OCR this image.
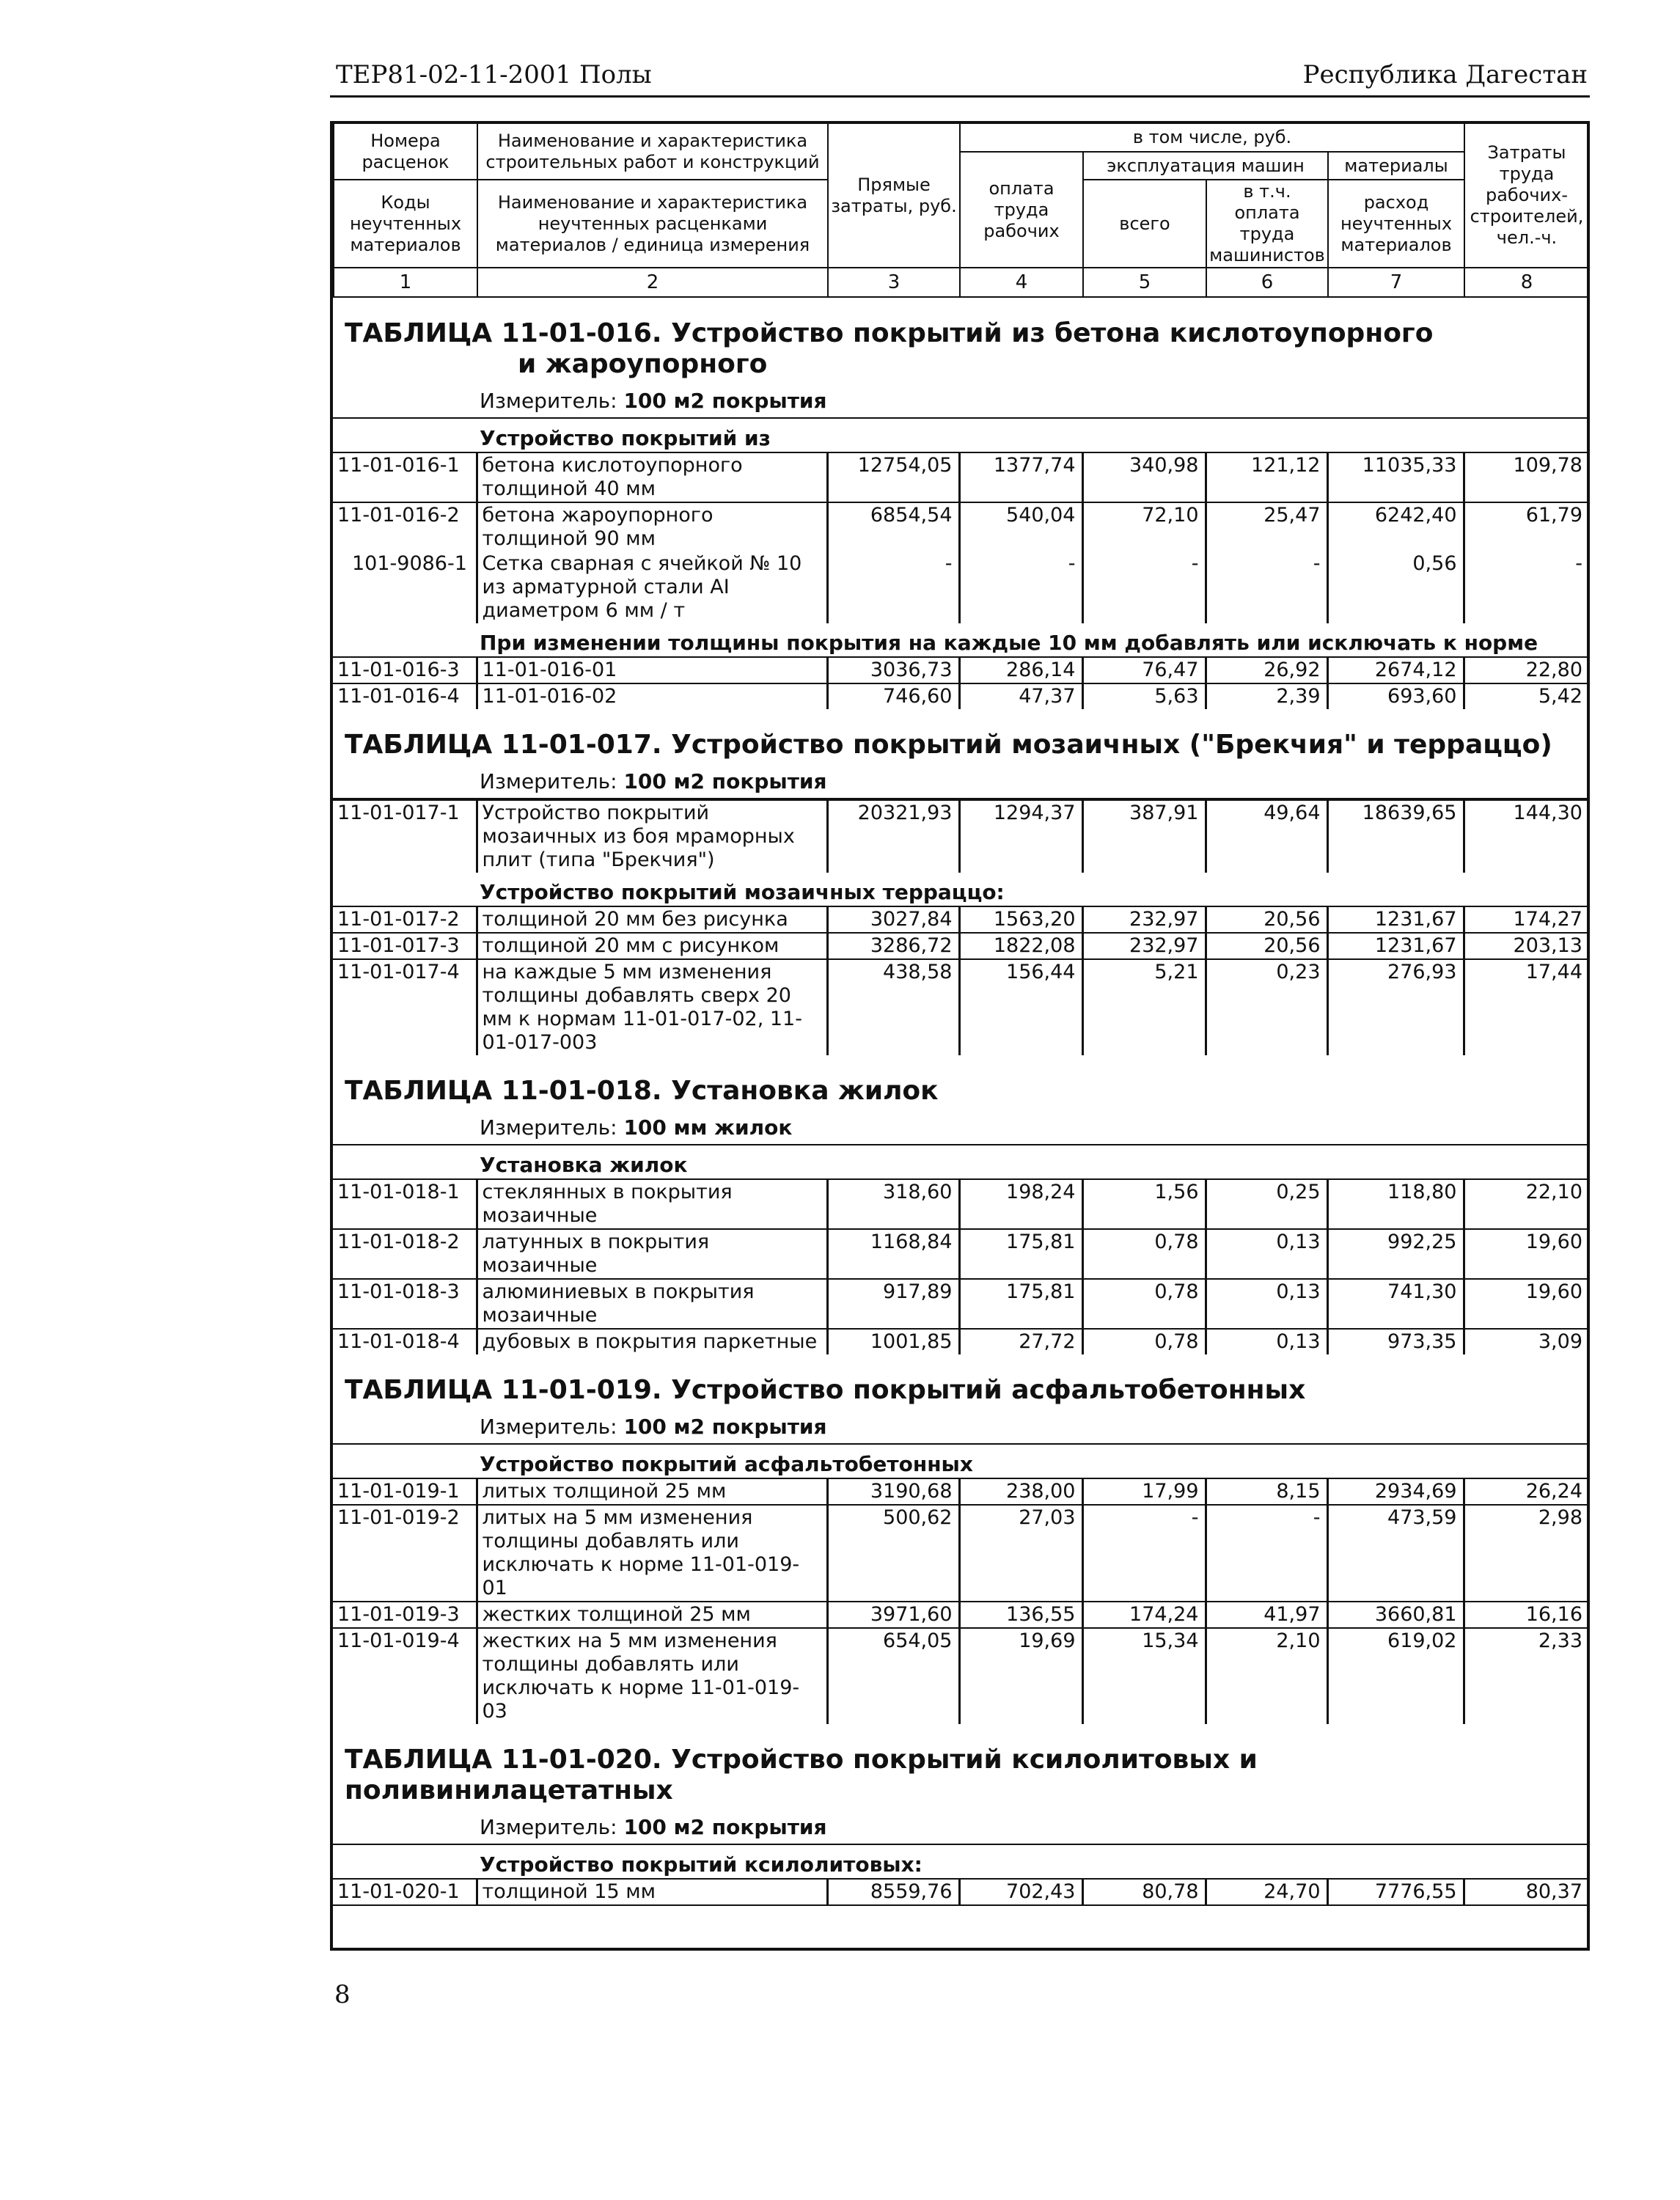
ТЕР81-02-11-2001 Полы	Республика Дагестан
Номера расценок	Наименование и характеристика строительных работ и конструкций	Прямые затраты, руб.	в том числе, руб.				Затраты труда рабочих-строителей, чел.-ч.
			оплата труда рабочих	эксплуатация машин		материалы	
Коды неучтенных материалов	Наименование и характеристика неучтенных расценками материалов / единица измерения			всего	в т.ч. оплата труда машинистов	расход неучтенных материалов	
1	2	3	4	5	6	7	8
ТАБЛИЦА 11-01-016. Устройство покрытий из бетона кислотоупорного
и жароупорного
Измеритель: 100 м2 покрытия
Устройство покрытий из
11-01-016-1	бетона кислотоупорного толщиной 40 мм	12754,05	1377,74	340,98	121,12	11035,33	109,78
11-01-016-2	бетона жароупорного толщиной 90 мм	6854,54	540,04	72,10	25,47	6242,40	61,79
101-9086-1	Сетка сварная с ячейкой № 10 из арматурной стали AI диаметром 6 мм / т	-	-	-	-	0,56	-
При изменении толщины покрытия на каждые 10 мм добавлять или исключать к норме
11-01-016-3	11-01-016-01	3036,73	286,14	76,47	26,92	2674,12	22,80
11-01-016-4	11-01-016-02	746,60	47,37	5,63	2,39	693,60	5,42
ТАБЛИЦА 11-01-017. Устройство покрытий мозаичных ("Брекчия" и терраццо)
Измеритель: 100 м2 покрытия
11-01-017-1	Устройство покрытий мозаичных из боя мраморных плит (типа "Брекчия")	20321,93	1294,37	387,91	49,64	18639,65	144,30
Устройство покрытий мозаичных терраццо:
11-01-017-2	толщиной 20 мм без рисунка	3027,84	1563,20	232,97	20,56	1231,67	174,27
11-01-017-3	толщиной 20 мм с рисунком	3286,72	1822,08	232,97	20,56	1231,67	203,13
11-01-017-4	на каждые 5 мм изменения толщины добавлять сверх 20 мм к нормам 11-01-017-02, 11-01-017-003	438,58	156,44	5,21	0,23	276,93	17,44
ТАБЛИЦА 11-01-018. Установка жилок
Измеритель: 100 мм жилок
Установка жилок
11-01-018-1	стеклянных в покрытия мозаичные	318,60	198,24	1,56	0,25	118,80	22,10
11-01-018-2	латунных в покрытия мозаичные	1168,84	175,81	0,78	0,13	992,25	19,60
11-01-018-3	алюминиевых в покрытия мозаичные	917,89	175,81	0,78	0,13	741,30	19,60
11-01-018-4	дубовых в покрытия паркетные	1001,85	27,72	0,78	0,13	973,35	3,09
ТАБЛИЦА 11-01-019. Устройство покрытий асфальтобетонных
Измеритель: 100 м2 покрытия
Устройство покрытий асфальтобетонных
11-01-019-1	литых толщиной 25 мм	3190,68	238,00	17,99	8,15	2934,69	26,24
11-01-019-2	литых на 5 мм изменения толщины добавлять или исключать к норме 11-01-019-01	500,62	27,03	-	-	473,59	2,98
11-01-019-3	жестких толщиной 25 мм	3971,60	136,55	174,24	41,97	3660,81	16,16
11-01-019-4	жестких на 5 мм изменения толщины добавлять или исключать к норме 11-01-019-03	654,05	19,69	15,34	2,10	619,02	2,33
ТАБЛИЦА 11-01-020. Устройство покрытий ксилолитовых и поливинилацетатных
Измеритель: 100 м2 покрытия
Устройство покрытий ксилолитовых:
11-01-020-1	толщиной 15 мм	8559,76	702,43	80,78	24,70	7776,55	80,37
8
